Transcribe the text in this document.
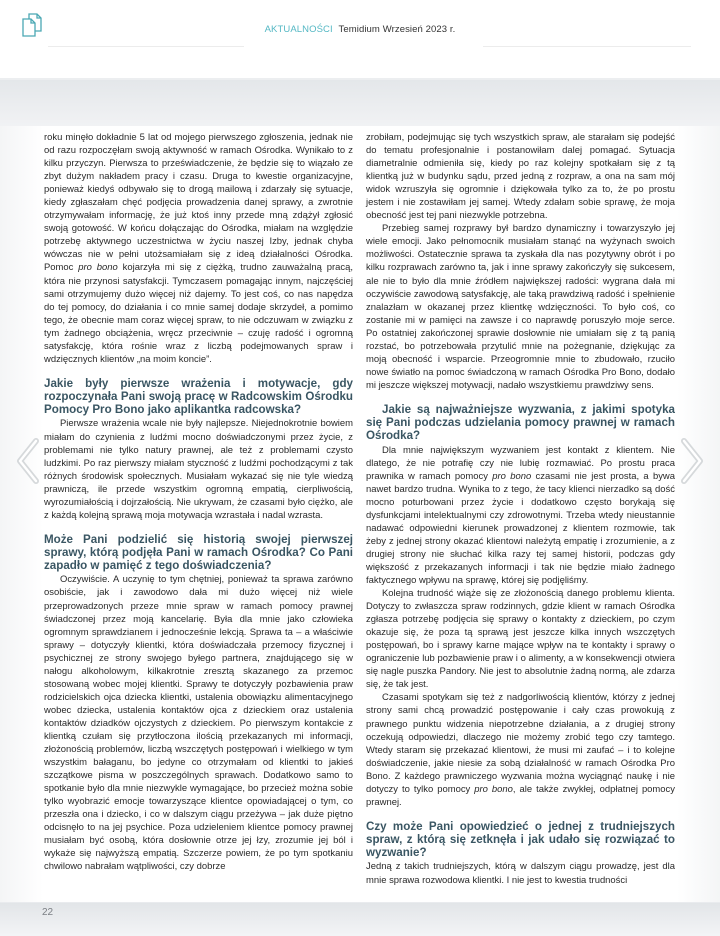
AKTUALNOŚCI Temidium Wrzesień 2023 r.

roku minęło dokładnie 5 lat od mojego pierwszego zgłoszenia, jednak nie od razu rozpoczęłam swoją aktywność w ramach Ośrodka. Wynikało to z kilku przyczyn. Pierwsza to przeświadczenie, że będzie się to wiązało ze zbyt dużym nakładem pracy i czasu. Druga to kwestie organizacyjne, ponieważ kiedyś odbywało się to drogą mailową i zdarzały się sytuacje, kiedy zgłaszałam chęć podjęcia prowadzenia danej sprawy, a zwrotnie otrzymywałam informację, że już ktoś inny przede mną zdążył zgłosić swoją gotowość. W końcu dołączając do Ośrodka, miałam na względzie potrzebę aktywnego uczestnictwa w życiu naszej Izby, jednak chyba wówczas nie w pełni utożsamiałam się z ideą działalności Ośrodka. Pomoc pro bono kojarzyła mi się z ciężką, trudno zauważalną pracą, która nie przynosi satysfakcji. Tymczasem pomagając innym, najczęściej sami otrzymujemy dużo więcej niż dajemy. To jest coś, co nas napędza do tej pomocy, do działania i co mnie samej dodaje skrzydeł, a pomimo tego, że obecnie mam coraz więcej spraw, to nie odczuwam w związku z tym żadnego obciążenia, wręcz przeciwnie – czuję radość i ogromną satysfakcję, która rośnie wraz z liczbą podejmowanych spraw i wdzięcznych klientów „na moim koncie”.

Jakie były pierwsze wrażenia i motywacje, gdy rozpoczynała Pani swoją pracę w Radcowskim Ośrodku Pomocy Pro Bono jako aplikantka radcowska?

Pierwsze wrażenia wcale nie były najlepsze. Niejednokrotnie bowiem miałam do czynienia z ludźmi mocno doświadczonymi przez życie, z problemami nie tylko natury prawnej, ale też z problemami czysto ludzkimi. Po raz pierwszy miałam styczność z ludźmi pochodzącymi z tak różnych środowisk społecznych. Musiałam wykazać się nie tyle wiedzą prawniczą, ile przede wszystkim ogromną empatią, cierpliwością, wyrozumiałością i dojrzałością. Nie ukrywam, że czasami było ciężko, ale z każdą kolejną sprawą moja motywacja wzrastała i nadal wzrasta.

Może Pani podzielić się historią swojej pierwszej sprawy, którą podjęła Pani w ramach Ośrodka? Co Pani zapadło w pamięć z tego doświadczenia?

Oczywiście. A uczynię to tym chętniej, ponieważ ta sprawa zarówno osobiście, jak i zawodowo dała mi dużo więcej niż wiele przeprowadzonych przeze mnie spraw w ramach pomocy prawnej świadczonej przez moją kancelarię. Była dla mnie jako człowieka ogromnym sprawdzianem i jednocześnie lekcją. Sprawa ta – a właściwie sprawy – dotyczyły klientki, która doświadczała przemocy fizycznej i psychicznej ze strony swojego byłego partnera, znajdującego się w nałogu alkoholowym, kilkakrotnie zresztą skazanego za przemoc stosowaną wobec mojej klientki. Sprawy te dotyczyły pozbawienia praw rodzicielskich ojca dziecka klientki, ustalenia obowiązku alimentacyjnego wobec dziecka, ustalenia kontaktów ojca z dzieckiem oraz ustalenia kontaktów dziadków ojczystych z dzieckiem. Po pierwszym kontakcie z klientką czułam się przytłoczona ilością przekazanych mi informacji, złożonością problemów, liczbą wszczętych postępowań i wielkiego w tym wszystkim bałaganu, bo jedyne co otrzymałam od klientki to jakieś szczątkowe pisma w poszczególnych sprawach. Dodatkowo samo to spotkanie było dla mnie niezwykle wymagające, bo przecież można sobie tylko wyobrazić emocje towarzyszące klientce opowiadającej o tym, co przeszła ona i dziecko, i co w dalszym ciągu przeżywa – jak duże piętno odcisnęło to na jej psychice. Poza udzieleniem klientce pomocy prawnej musiałam być osobą, która dosłownie otrze jej łzy, zrozumie jej ból i wykaże się najwyższą empatią. Szczerze powiem, że po tym spotkaniu chwilowo nabrałam wątpliwości, czy dobrze

zrobiłam, podejmując się tych wszystkich spraw, ale starałam się podejść do tematu profesjonalnie i postanowiłam dalej pomagać. Sytuacja diametralnie odmieniła się, kiedy po raz kolejny spotkałam się z tą klientką już w budynku sądu, przed jedną z rozpraw, a ona na sam mój widok wzruszyła się ogromnie i dziękowała tylko za to, że po prostu jestem i nie zostawiłam jej samej. Wtedy zdałam sobie sprawę, że moja obecność jest tej pani niezwykle potrzebna.

Przebieg samej rozprawy był bardzo dynamiczny i towarzyszyło jej wiele emocji. Jako pełnomocnik musiałam stanąć na wyżynach swoich możliwości. Ostatecznie sprawa ta zyskała dla nas pozytywny obrót i po kilku rozprawach zarówno ta, jak i inne sprawy zakończyły się sukcesem, ale nie to było dla mnie źródłem największej radości: wygrana dała mi oczywiście zawodową satysfakcję, ale taką prawdziwą radość i spełnienie znalazłam w okazanej przez klientkę wdzięczności. To było coś, co zostanie mi w pamięci na zawsze i co naprawdę poruszyło moje serce. Po ostatniej zakończonej sprawie dosłownie nie umiałam się z tą panią rozstać, bo potrzebowała przytulić mnie na pożegnanie, dziękując za moją obecność i wsparcie. Przeogromnie mnie to zbudowało, rzuciło nowe światło na pomoc świadczoną w ramach Ośrodka Pro Bono, dodało mi jeszcze większej motywacji, nadało wszystkiemu prawdziwy sens.

Jakie są najważniejsze wyzwania, z jakimi spotyka się Pani podczas udzielania pomocy prawnej w ramach Ośrodka?

Dla mnie największym wyzwaniem jest kontakt z klientem. Nie dlatego, że nie potrafię czy nie lubię rozmawiać. Po prostu praca prawnika w ramach pomocy pro bono czasami nie jest prosta, a bywa nawet bardzo trudna. Wynika to z tego, że tacy klienci nierzadko są dość mocno poturbowani przez życie i dodatkowo często borykają się dysfunkcjami intelektualnymi czy zdrowotnymi. Trzeba wtedy nieustannie nadawać odpowiedni kierunek prowadzonej z klientem rozmowie, tak żeby z jednej strony okazać klientowi należytą empatię i zrozumienie, a z drugiej strony nie słuchać kilka razy tej samej historii, podczas gdy większość z przekazanych informacji i tak nie będzie miało żadnego faktycznego wpływu na sprawę, której się podjęliśmy.

Kolejna trudność wiąże się ze złożonością danego problemu klienta. Dotyczy to zwłaszcza spraw rodzinnych, gdzie klient w ramach Ośrodka zgłasza potrzebę podjęcia się sprawy o kontakty z dzieckiem, po czym okazuje się, że poza tą sprawą jest jeszcze kilka innych wszczętych postępowań, bo i sprawy karne mające wpływ na te kontakty i sprawy o ograniczenie lub pozbawienie praw i o alimenty, a w konsekwencji otwiera się nagle puszka Pandory. Nie jest to absolutnie żadną normą, ale zdarza się, że tak jest.

Czasami spotykam się też z nadgorliwością klientów, którzy z jednej strony sami chcą prowadzić postępowanie i cały czas prowokują z prawnego punktu widzenia niepotrzebne działania, a z drugiej strony oczekują odpowiedzi, dlaczego nie możemy zrobić tego czy tamtego. Wtedy staram się przekazać klientowi, że musi mi zaufać – i to kolejne doświadczenie, jakie niesie za sobą działalność w ramach Ośrodka Pro Bono. Z każdego prawniczego wyzwania można wyciągnąć naukę i nie dotyczy to tylko pomocy pro bono, ale także zwykłej, odpłatnej pomocy prawnej.

Czy może Pani opowiedzieć o jednej z trudniejszych spraw, z którą się zetknęła i jak udało się rozwiązać to wyzwanie?

Jedną z takich trudniejszych, którą w dalszym ciągu prowadzę, jest dla mnie sprawa rozwodowa klientki. I nie jest to kwestia trudności

22
